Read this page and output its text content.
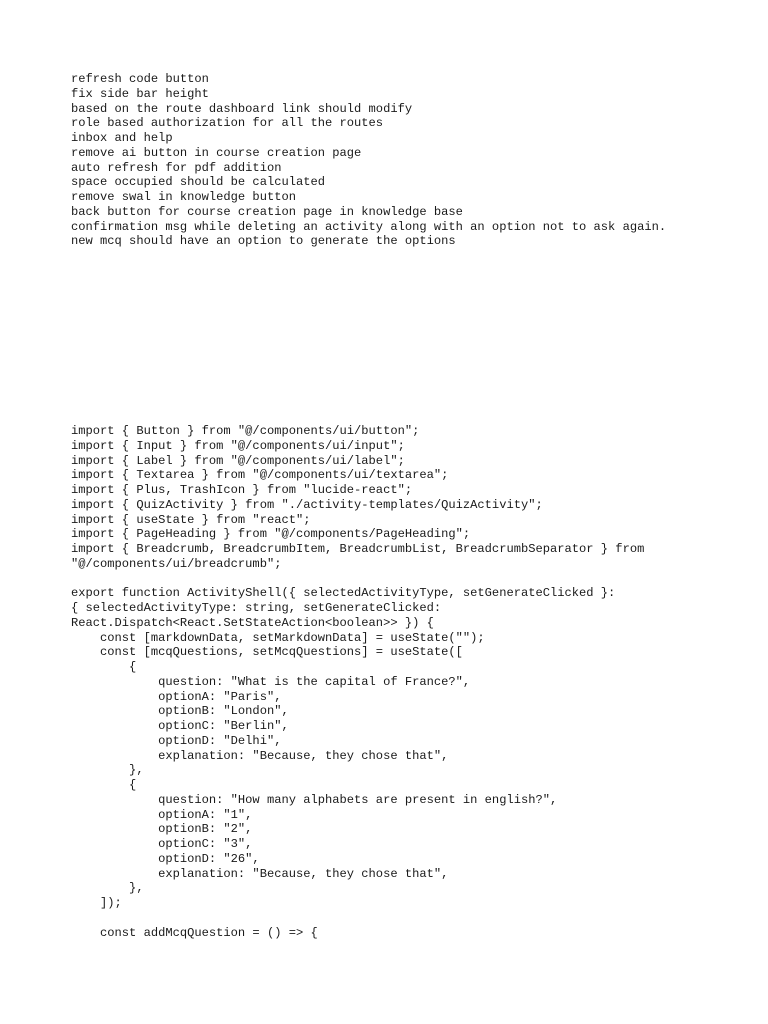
refresh code button
fix side bar height
based on the route dashboard link should modify
role based authorization for all the routes
inbox and help
remove ai button in course creation page
auto refresh for pdf addition
space occupied should be calculated
remove swal in knowledge button
back button for course creation page in knowledge base
confirmation msg while deleting an activity along with an option not to ask again.
new mcq should have an option to generate the options
import { Button } from "@/components/ui/button";
import { Input } from "@/components/ui/input";
import { Label } from "@/components/ui/label";
import { Textarea } from "@/components/ui/textarea";
import { Plus, TrashIcon } from "lucide-react";
import { QuizActivity } from "./activity-templates/QuizActivity";
import { useState } from "react";
import { PageHeading } from "@/components/PageHeading";
import { Breadcrumb, BreadcrumbItem, BreadcrumbList, BreadcrumbSeparator } from
"@/components/ui/breadcrumb";
export function ActivityShell({ selectedActivityType, setGenerateClicked }:
{ selectedActivityType: string, setGenerateClicked:
React.Dispatch<React.SetStateAction<boolean>> }) {
const [markdownData, setMarkdownData] = useState("");
const [mcqQuestions, setMcqQuestions] = useState([
{
question: "What is the capital of France?",
optionA: "Paris",
optionB: "London",
optionC: "Berlin",
optionD: "Delhi",
explanation: "Because, they chose that",
},
{
question: "How many alphabets are present in english?",
optionA: "1",
optionB: "2",
optionC: "3",
optionD: "26",
explanation: "Because, they chose that",
},
]);
const addMcqQuestion = () => {
